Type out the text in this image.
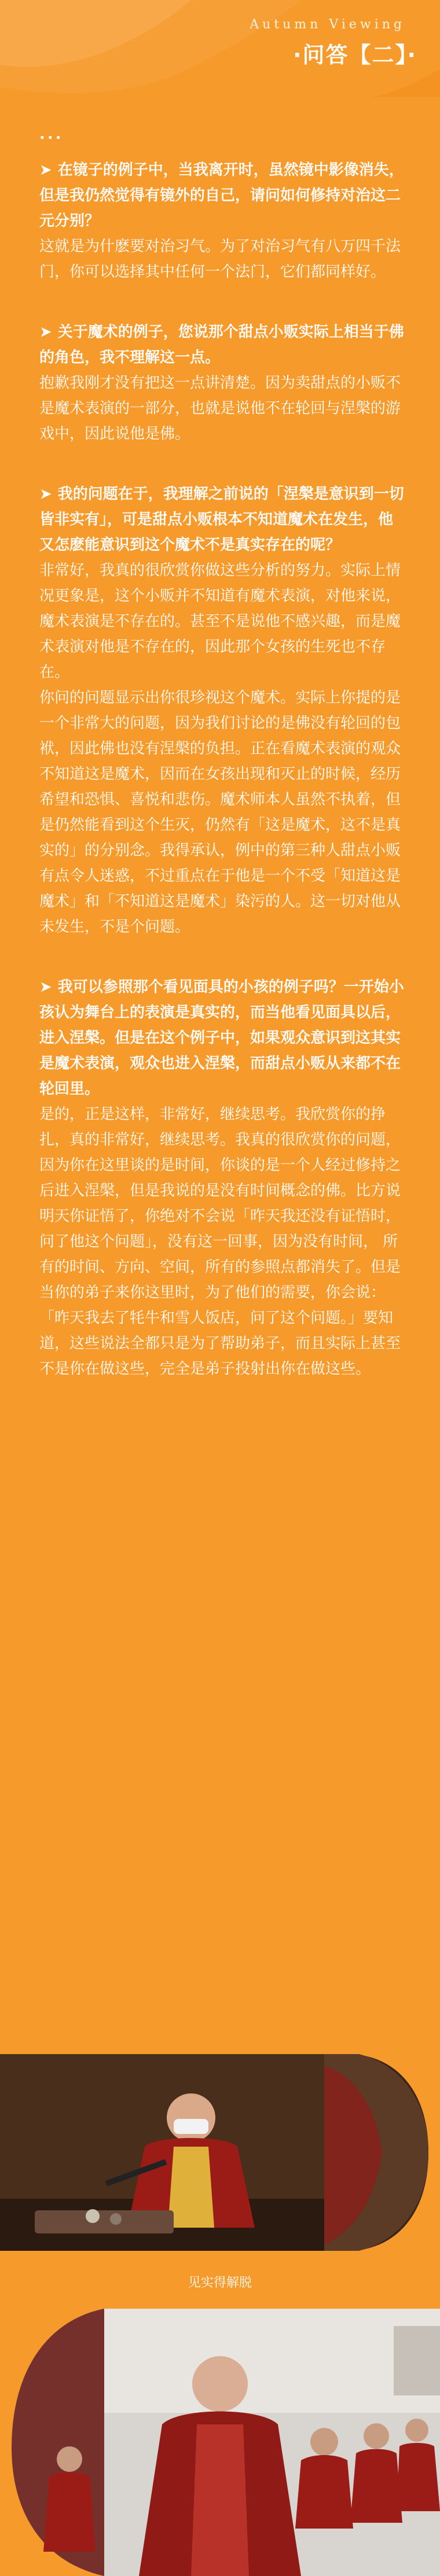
Autumn Viewing
·问答【二】·
...

➤ 在镜子的例子中，当我离开时，虽然镜中影像消失，但是我仍然觉得有镜外的自己，请问如何修持对治这二元分别？

这就是为什麽要对治习气。为了对治习气有八万四千法门，你可以选择其中任何一个法门，它们都同样好。

➤ 关于魔术的例子，您说那个甜点小贩实际上相当于佛的角色，我不理解这一点。

抱歉我刚才没有把这一点讲清楚。因为卖甜点的小贩不是魔术表演的一部分，也就是说他不在轮回与涅槃的游戏中，因此说他是佛。

➤ 我的问题在于，我理解之前说的「涅槃是意识到一切皆非实有」，可是甜点小贩根本不知道魔术在发生，他又怎麽能意识到这个魔术不是真实存在的呢？

非常好，我真的很欣赏你做这些分析的努力。实际上情况更象是，这个小贩并不知道有魔术表演，对他来说，魔术表演是不存在的。甚至不是说他不感兴趣，而是魔术表演对他是不存在的，因此那个女孩的生死也不存在。

你问的问题显示出你很珍视这个魔术。实际上你提的是一个非常大的问题，因为我们讨论的是佛没有轮回的包袱，因此佛也没有涅槃的负担。正在看魔术表演的观众不知道这是魔术，因而在女孩出现和灭止的时候，经历希望和恐惧、喜悦和悲伤。魔术师本人虽然不执着，但是仍然能看到这个生灭，仍然有「这是魔术，这不是真实的」的分别念。我得承认，例中的第三种人甜点小贩有点令人迷惑，不过重点在于他是一个不受「知道这是魔术」和「不知道这是魔术」染污的人。这一切对他从未发生，不是个问题。

➤ 我可以参照那个看见面具的小孩的例子吗？一开始小孩认为舞台上的表演是真实的，而当他看见面具以后，进入涅槃。但是在这个例子中，如果观众意识到这其实是魔术表演，观众也进入涅槃，而甜点小贩从来都不在轮回里。

是的，正是这样，非常好，继续思考。我欣赏你的挣扎，真的非常好，继续思考。我真的很欣赏你的问题，因为你在这里谈的是时间，你谈的是一个人经过修持之后进入涅槃，但是我说的是没有时间概念的佛。比方说明天你证悟了，你绝对不会说「昨天我还没有证悟时，问了他这个问题」，没有这一回事，因为没有时间， 所有的时间、方向、空间，所有的参照点都消失了。但是当你的弟子来你这里时，为了他们的需要，你会说：「昨天我去了牦牛和雪人饭店，问了这个问题。」要知道，这些说法全都只是为了帮助弟子，而且实际上甚至不是你在做这些，完全是弟子投射出你在做这些。

见实得解脱
